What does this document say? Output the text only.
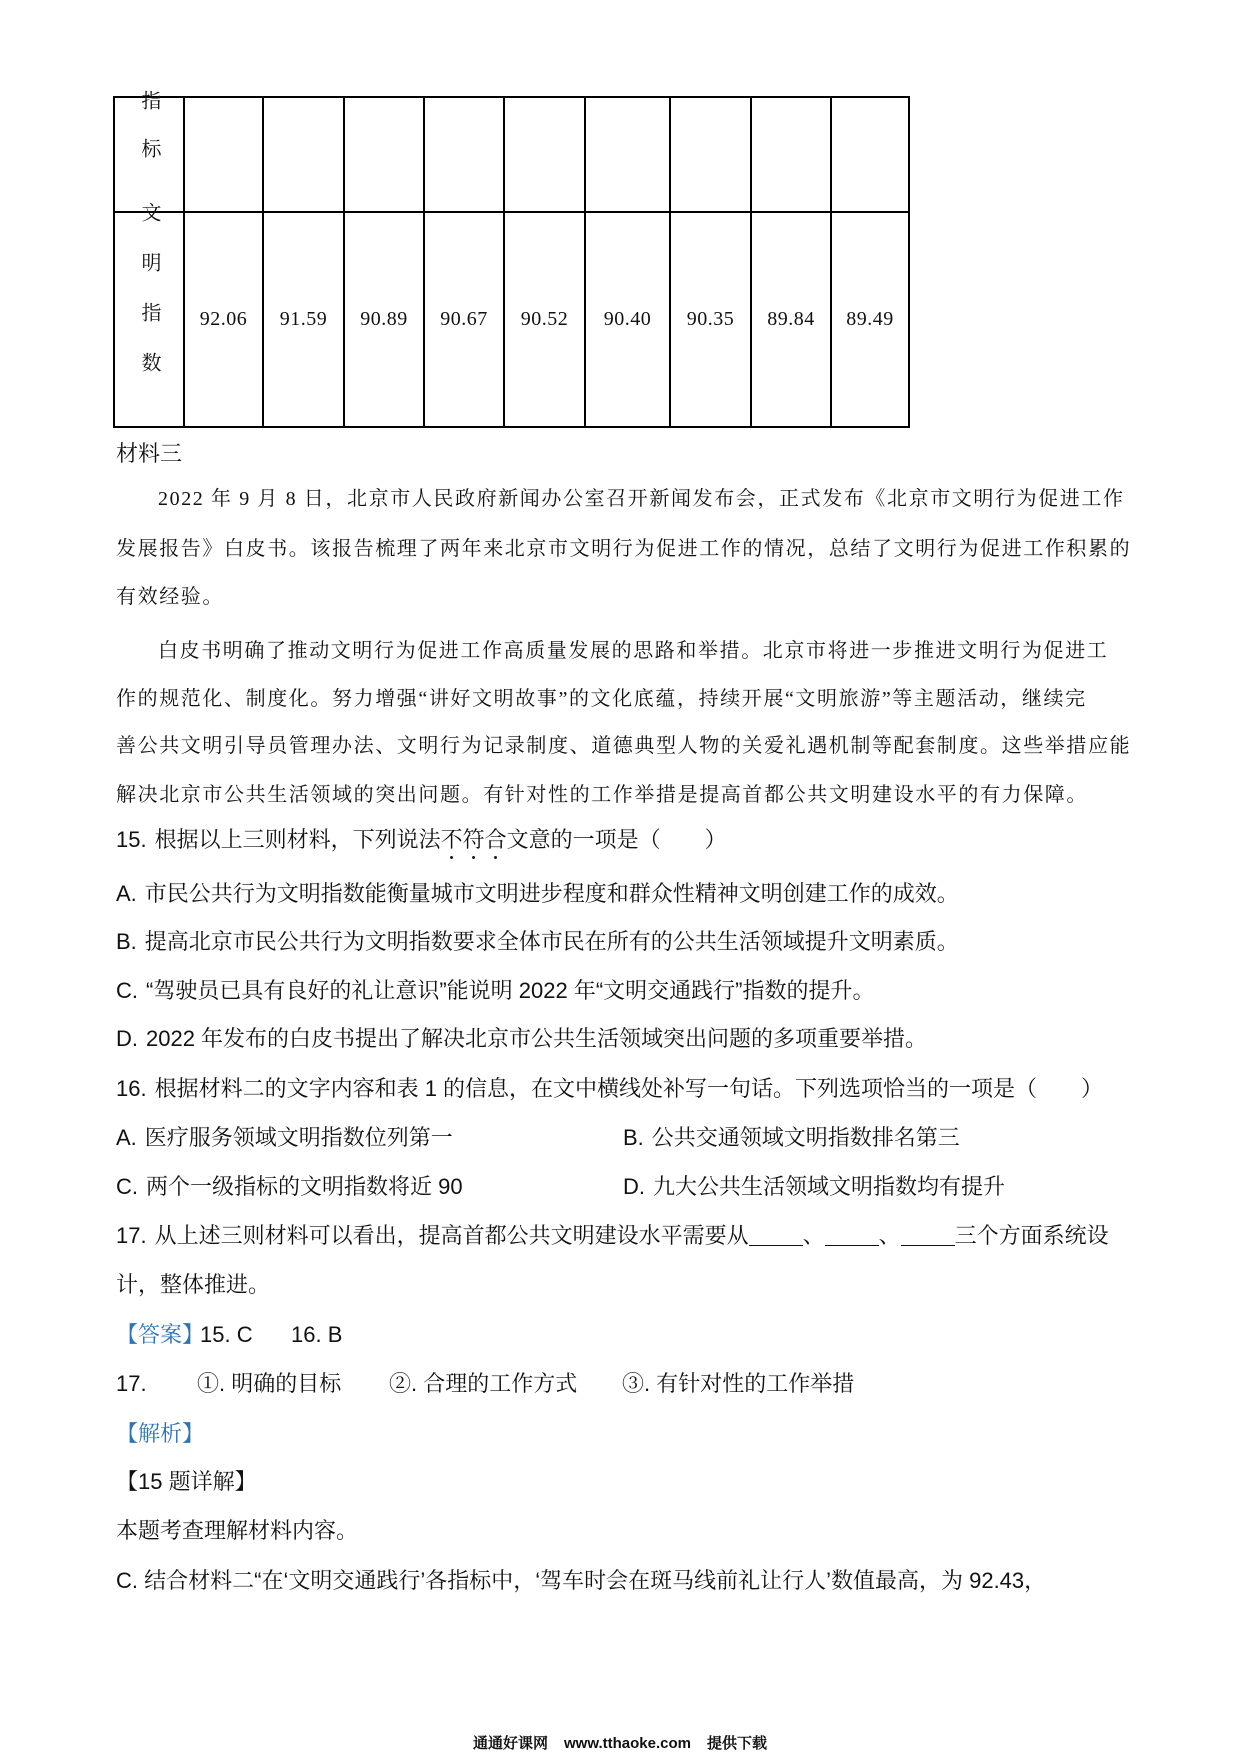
指标									
文明指数	92.06	91.59	90.89	90.67	90.52	90.40	90.35	89.84	89.49
材料三
2022 年 9 月 8 日，北京市人民政府新闻办公室召开新闻发布会，正式发布《北京市文明行为促进工作
发展报告》白皮书。该报告梳理了两年来北京市文明行为促进工作的情况，总结了文明行为促进工作积累的
有效经验。
白皮书明确了推动文明行为促进工作高质量发展的思路和举措。北京市将进一步推进文明行为促进工
作的规范化、制度化。努力增强“讲好文明故事”的文化底蕴，持续开展“文明旅游”等主题活动，继续完
善公共文明引导员管理办法、文明行为记录制度、道德典型人物的关爱礼遇机制等配套制度。这些举措应能
解决北京市公共生活领域的突出问题。有针对性的工作举措是提高首都公共文明建设水平的有力保障。
15. 根据以上三则材料，下列说法不符合文意的一项是（　　）
A. 市民公共行为文明指数能衡量城市文明进步程度和群众性精神文明创建工作的成效。
B. 提高北京市民公共行为文明指数要求全体市民在所有的公共生活领域提升文明素质。
C. “驾驶员已具有良好的礼让意识”能说明 2022 年“文明交通践行”指数的提升。
D. 2022 年发布的白皮书提出了解决北京市公共生活领域突出问题的多项重要举措。
16. 根据材料二的文字内容和表 1 的信息，在文中横线处补写一句话。下列选项恰当的一项是（　　）
A. 医疗服务领域文明指数位列第一	B. 公共交通领域文明指数排名第三
C. 两个一级指标的文明指数将近 90	D. 九大公共生活领域文明指数均有提升
17. 从上述三则材料可以看出，提高首都公共文明建设水平需要从 、 、 三个方面系统设
计，整体推进。
【答案】
15. C 16. B
17. ①. 明确的目标 ②. 合理的工作方式 ③. 有针对性的工作举措
【解析】
【15 题详解】
本题考查理解材料内容。
C. 结合材料二“在‘文明交通践行’各指标中，‘驾车时会在斑马线前礼让行人’数值最高，为 92.43，
通通好课网 www.tthaoke.com 提供下载
